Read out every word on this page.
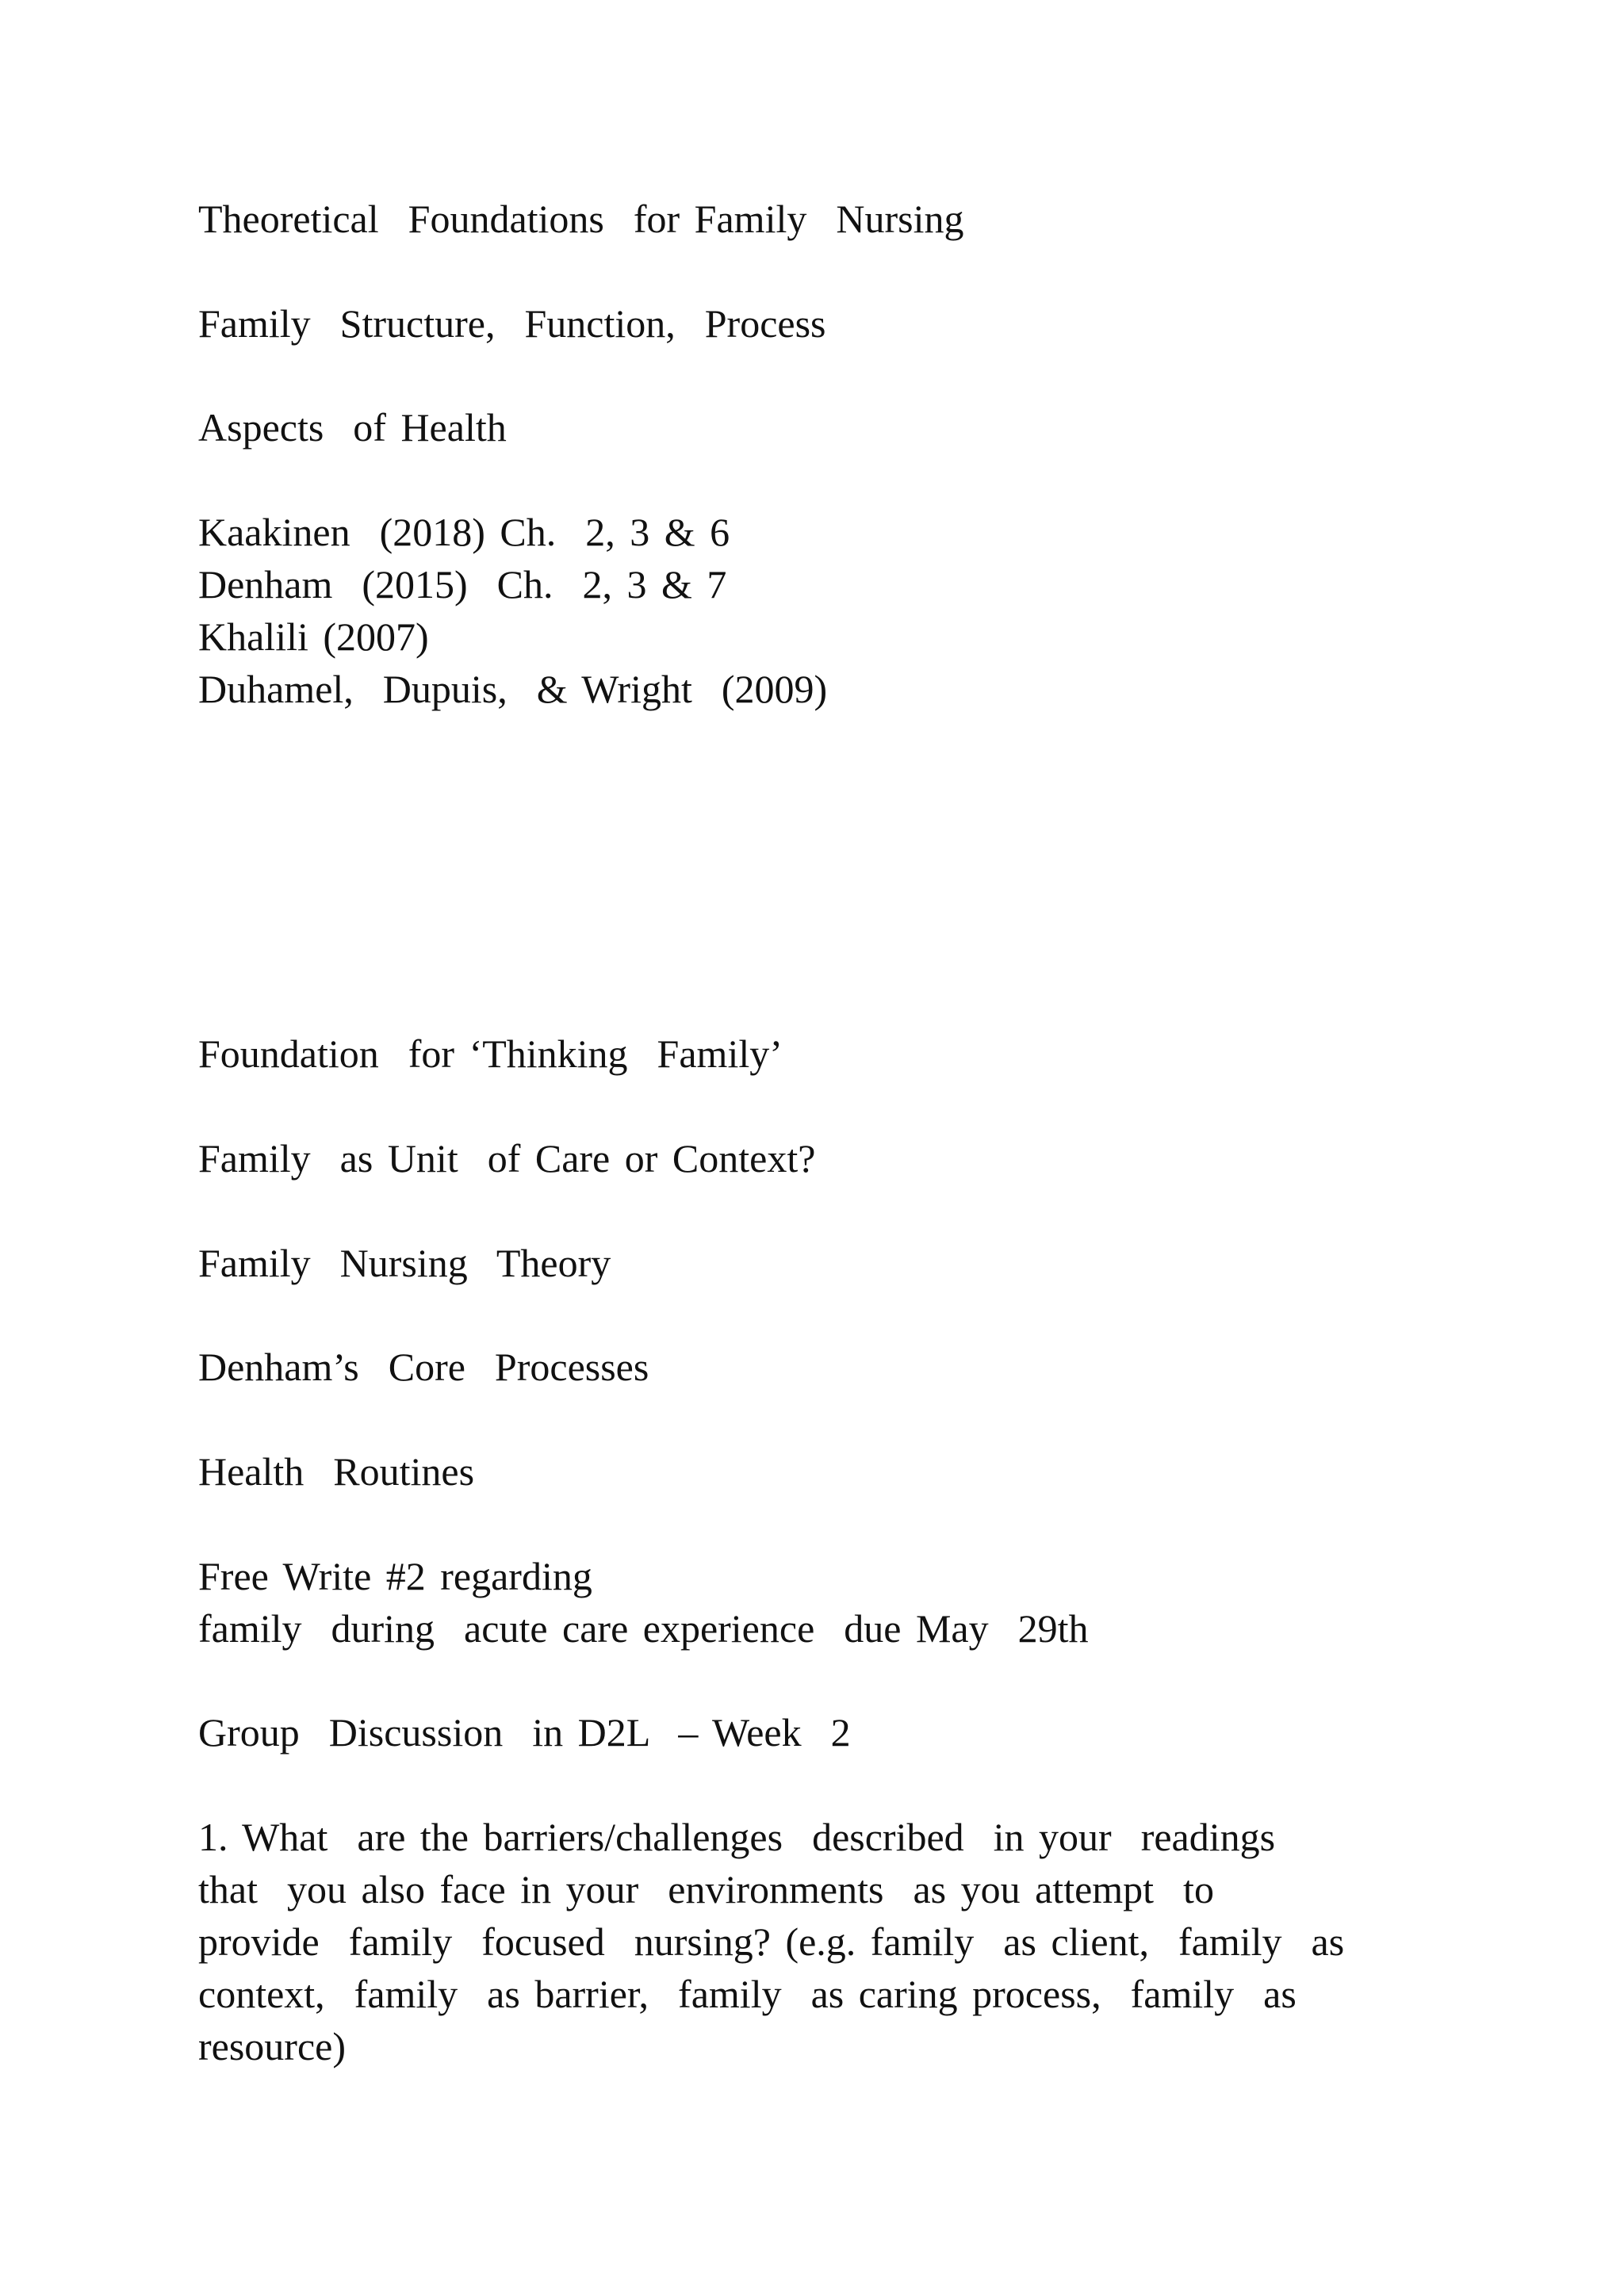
Theoretical  Foundations  for Family  Nursing

Family  Structure,  Function,  Process

Aspects  of Health

Kaakinen  (2018) Ch.  2, 3 & 6

Denham  (2015)  Ch.  2, 3 & 7

Khalili (2007)

Duhamel,  Dupuis,  & Wright  (2009)

Foundation  for ‘Thinking  Family’

Family  as Unit  of Care or Context?

Family  Nursing  Theory

Denham’s  Core  Processes

Health  Routines

Free Write #2 regarding

family  during  acute care experience  due May  29th

Group  Discussion  in D2L  – Week  2

1. What  are the barriers/challenges  described  in your  readings

that  you also face in your  environments  as you attempt  to

provide  family  focused  nursing? (e.g. family  as client,  family  as

context,  family  as barrier,  family  as caring process,  family  as

resource)
